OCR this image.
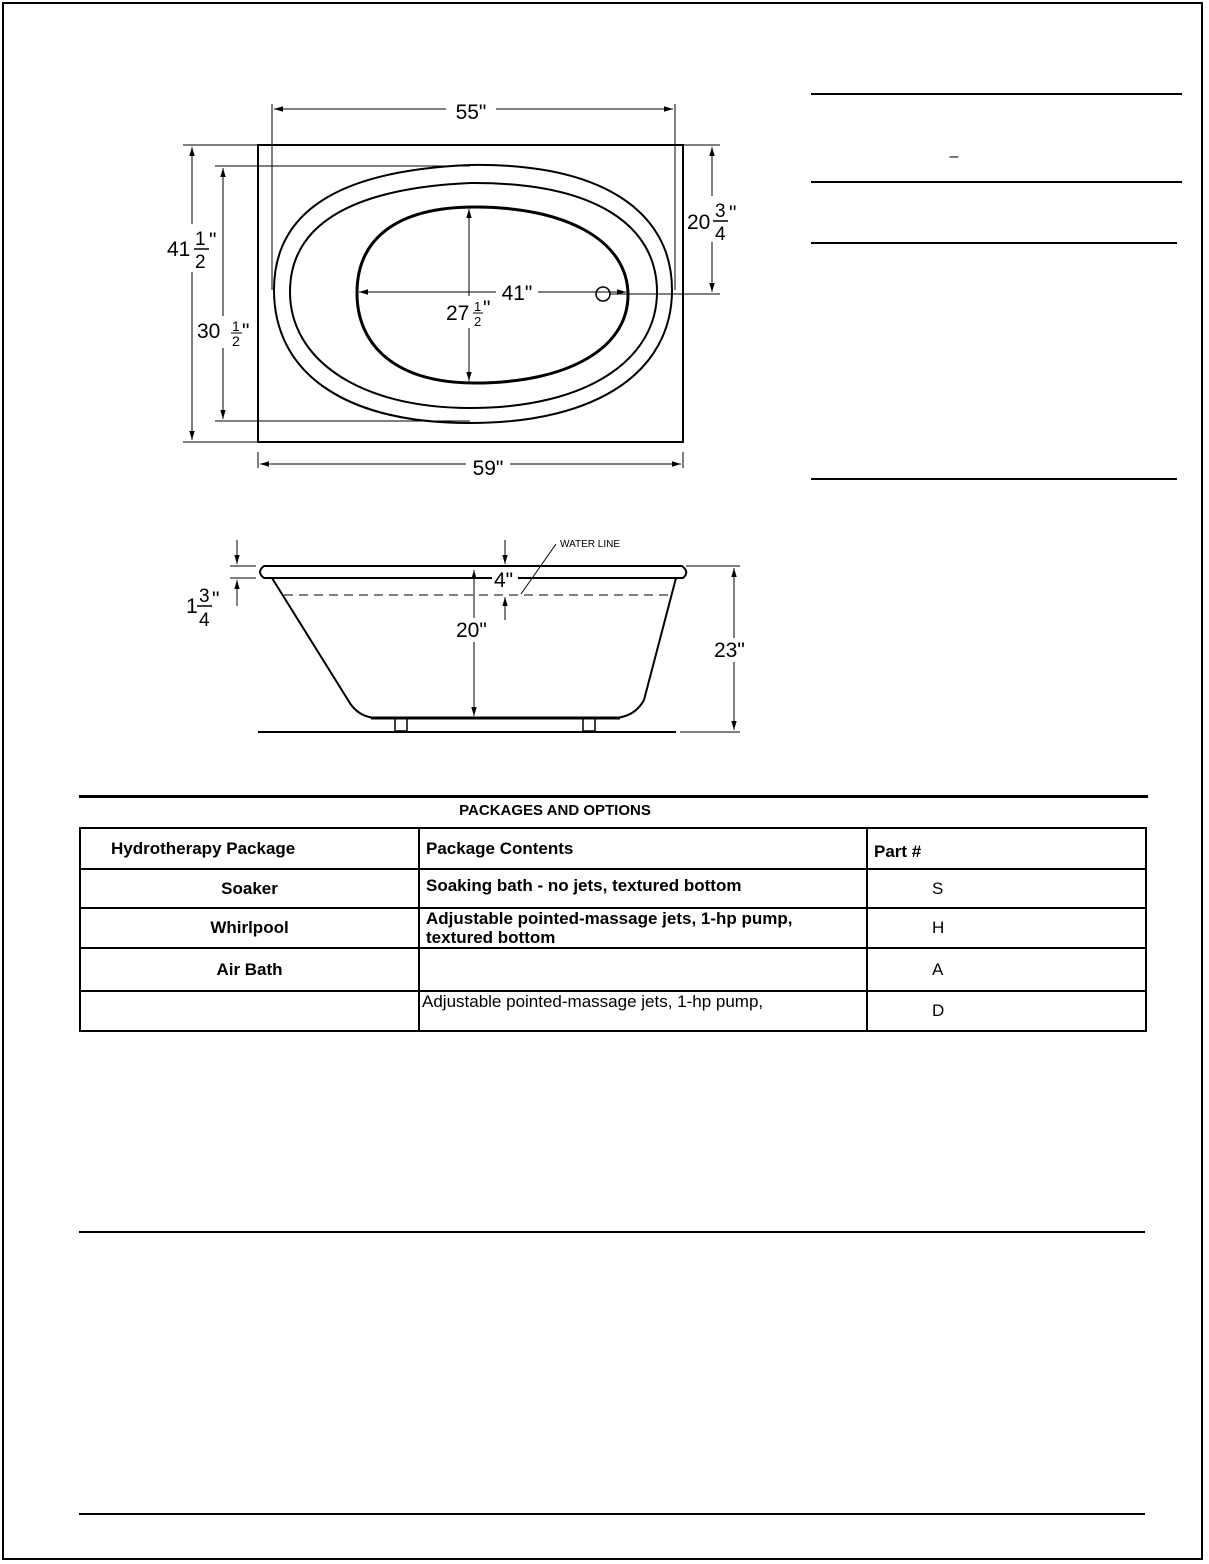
55"
59"
41 1
2
"
30 1
2 "
20 3
4
"
41"
27 1
2
"
–
1 3
4
"
WATER LINE
4"
20"
23"
PACKAGES AND OPTIONS
Hydrotherapy Package	Package Contents	Part #
Soaker	Soaking bath - no jets, textured bottom	S
Whirlpool	Adjustable pointed-massage jets, 1-hp pump, textured bottom	H
Air Bath		A
	Adjustable pointed-massage jets, 1-hp pump,	D
